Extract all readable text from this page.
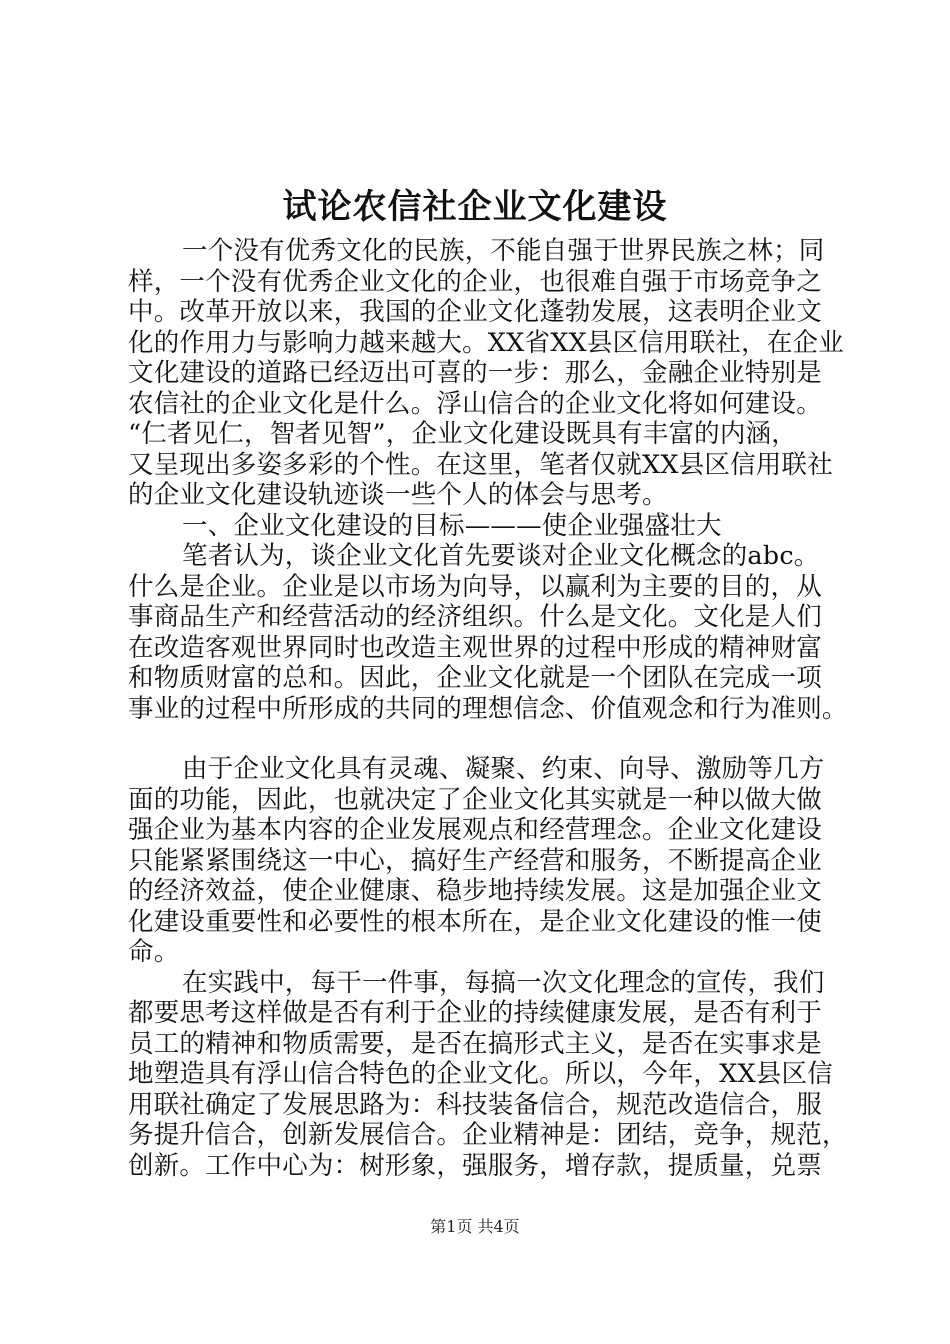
试论农信社企业文化建设
一个没有优秀文化的民族，不能自强于世界民族之林；同
样，一个没有优秀企业文化的企业，也很难自强于市场竞争之
中。改革开放以来，我国的企业文化蓬勃发展，这表明企业文
化的作用力与影响力越来越大。XX省XX县区信用联社，在企业
文化建设的道路已经迈出可喜的一步：那么，金融企业特别是
农信社的企业文化是什么。浮山信合的企业文化将如何建设。
“仁者见仁，智者见智”，企业文化建设既具有丰富的内涵，
又呈现出多姿多彩的个性。在这里，笔者仅就XX县区信用联社
的企业文化建设轨迹谈一些个人的体会与思考。
一、企业文化建设的目标———使企业强盛壮大
笔者认为，谈企业文化首先要谈对企业文化概念的abc。
什么是企业。企业是以市场为向导，以赢利为主要的目的，从
事商品生产和经营活动的经济组织。什么是文化。文化是人们
在改造客观世界同时也改造主观世界的过程中形成的精神财富
和物质财富的总和。因此，企业文化就是一个团队在完成一项
事业的过程中所形成的共同的理想信念、价值观念和行为准则。
由于企业文化具有灵魂、凝聚、约束、向导、激励等几方
面的功能，因此，也就决定了企业文化其实就是一种以做大做
强企业为基本内容的企业发展观点和经营理念。企业文化建设
只能紧紧围绕这一中心，搞好生产经营和服务，不断提高企业
的经济效益，使企业健康、稳步地持续发展。这是加强企业文
化建设重要性和必要性的根本所在，是企业文化建设的惟一使
命。
在实践中，每干一件事，每搞一次文化理念的宣传，我们
都要思考这样做是否有利于企业的持续健康发展，是否有利于
员工的精神和物质需要，是否在搞形式主义，是否在实事求是
地塑造具有浮山信合特色的企业文化。所以，今年，XX县区信
用联社确定了发展思路为：科技装备信合，规范改造信合，服
务提升信合，创新发展信合。企业精神是：团结，竞争，规范，
创新。工作中心为：树形象，强服务，增存款，提质量，兑票
第1页 共4页
